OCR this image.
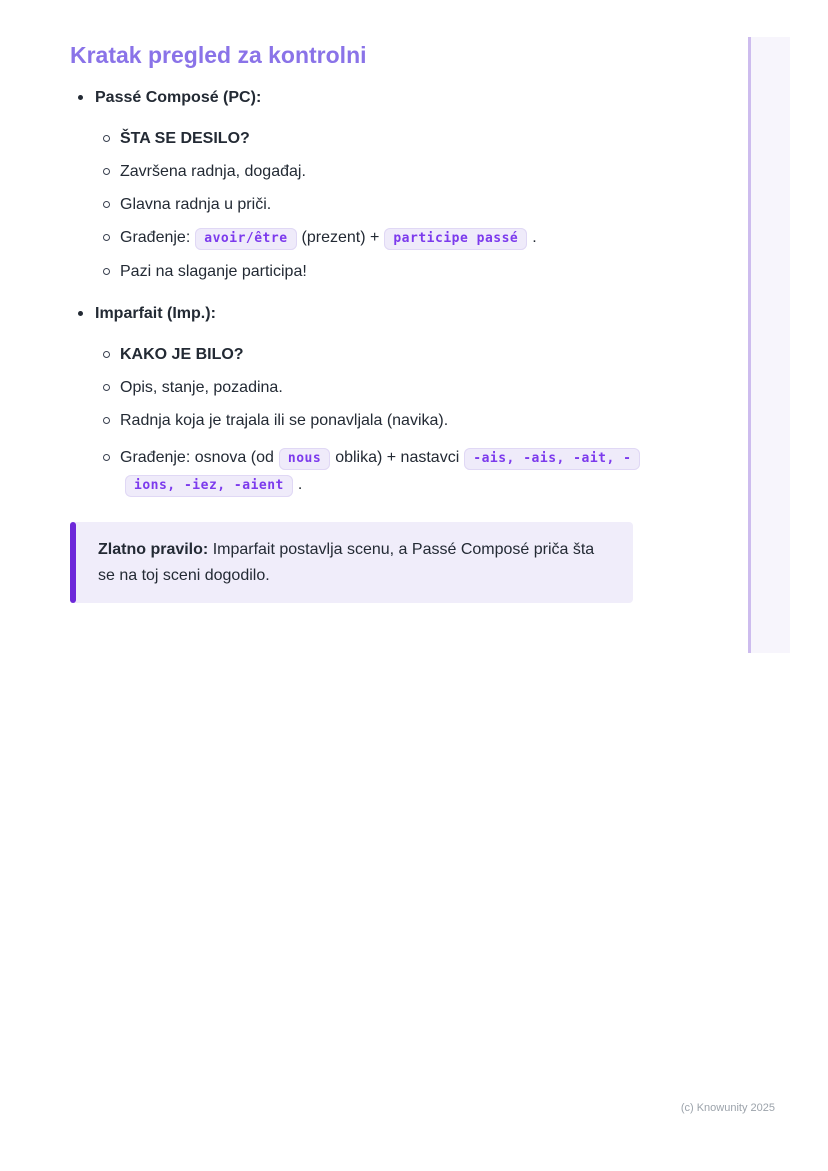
Kratak pregled za kontrolni
Passé Composé (PC):
ŠTA SE DESILO?
Završena radnja, događaj.
Glavna radnja u priči.
Građenje: avoir/être (prezent) + participe passé .
Pazi na slaganje participa!
Imparfait (Imp.):
KAKO JE BILO?
Opis, stanje, pozadina.
Radnja koja je trajala ili se ponavljala (navika).
Građenje: osnova (od nous oblika) + nastavci -ais, -ais, -ait, -
ions, -iez, -aient .
Zlatno pravilo: Imparfait postavlja scenu, a Passé Composé priča šta se na toj sceni dogodilo.
(c) Knowunity 2025
